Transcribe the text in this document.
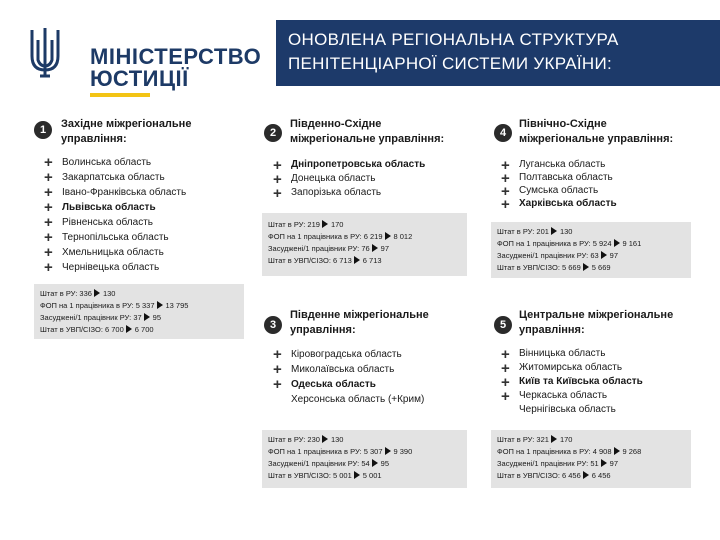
МІНІСТЕРСТВО
ЮСТИЦІЇ
ОНОВЛЕНА РЕГІОНАЛЬНА СТРУКТУРА
ПЕНІТЕНЦІАРНОЇ СИСТЕМИ УКРАЇНИ:
1	Західне міжрегіональне
управління:
+ Волинська область
+ Закарпатська область
+ Івано-Франківська область
+ Львівська область
+ Рівненська область
+ Тернопільська область
+ Хмельницька область
+ Чернівецька область
Штат в РУ: 336 130
ФОП на 1 працівника в РУ: 5 337 13 795
Засуджені/1 працівник РУ: 37 95
Штат в УВП/СІЗО: 6 700 6 700
2
Південно-Східне
міжрегіональне управління:
+ Дніпропетровська область
+ Донецька область
+ Запорізька область
Штат в РУ: 219 170
ФОП на 1 працівника в РУ: 6 219 8 012
Засуджені/1 працівник РУ: 76 97
Штат в УВП/СІЗО: 6 713 6 713
4
Північно-Східне
міжрегіональне управління:
+ Луганська область
+ Полтавська область
+ Сумська область
+ Харківська область
Штат в РУ: 201 130
ФОП на 1 працівника в РУ: 5 924 9 161
Засуджені/1 працівник РУ: 63 97
Штат в УВП/СІЗО: 5 669 5 669
3
Південне міжрегіональне
управління:
+ Кіровоградська область
+ Миколаївська область
+ Одеська область
Херсонська область (+Крим)
Штат в РУ: 230 130
ФОП на 1 працівника в РУ: 5 307 9 390
Засуджені/1 працівник РУ: 54 95
Штат в УВП/СІЗО: 5 001 5 001
5
Центральне міжрегіональне
управління:
+ Вінницька область
+ Житомирська область
+ Київ та Київська область
+ Черкаська область
Чернігівська область
Штат в РУ: 321 170
ФОП на 1 працівника в РУ: 4 908 9 268
Засуджені/1 працівник РУ: 51 97
Штат в УВП/СІЗО: 6 456 6 456
